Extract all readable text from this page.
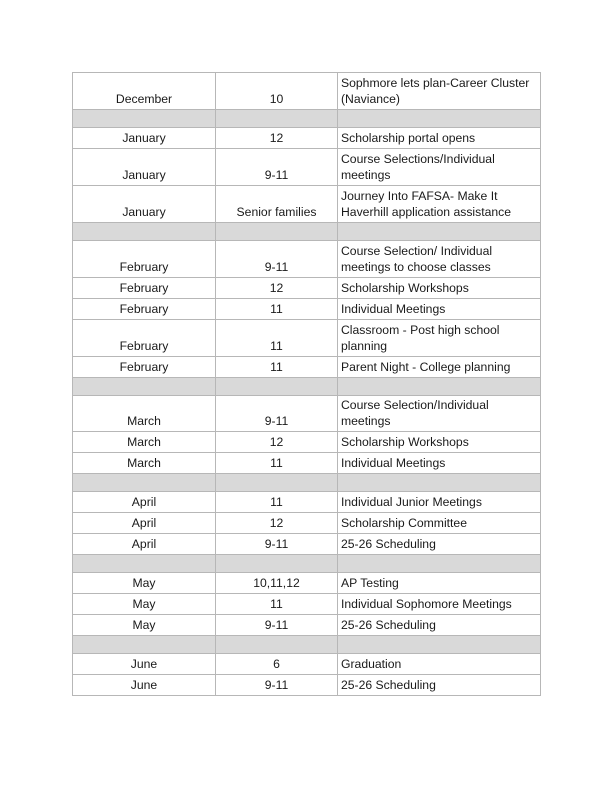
December	10	Sophmore lets plan-Career Cluster (Naviance)

January	12	Scholarship portal opens
January	9-11	Course Selections/Individual meetings
January	Senior families	Journey Into FAFSA- Make It Haverhill application assistance

February	9-11	Course Selection/ Individual meetings to choose classes
February	12	Scholarship Workshops
February	11	Individual Meetings
February	11	Classroom - Post high school planning
February	11	Parent Night - College planning

March	9-11	Course Selection/Individual meetings
March	12	Scholarship Workshops
March	11	Individual Meetings

April	11	Individual Junior Meetings
April	12	Scholarship Committee
April	9-11	25-26 Scheduling

May	10,11,12	AP Testing
May	11	Individual Sophomore Meetings
May	9-11	25-26 Scheduling

June	6	Graduation
June	9-11	25-26 Scheduling
